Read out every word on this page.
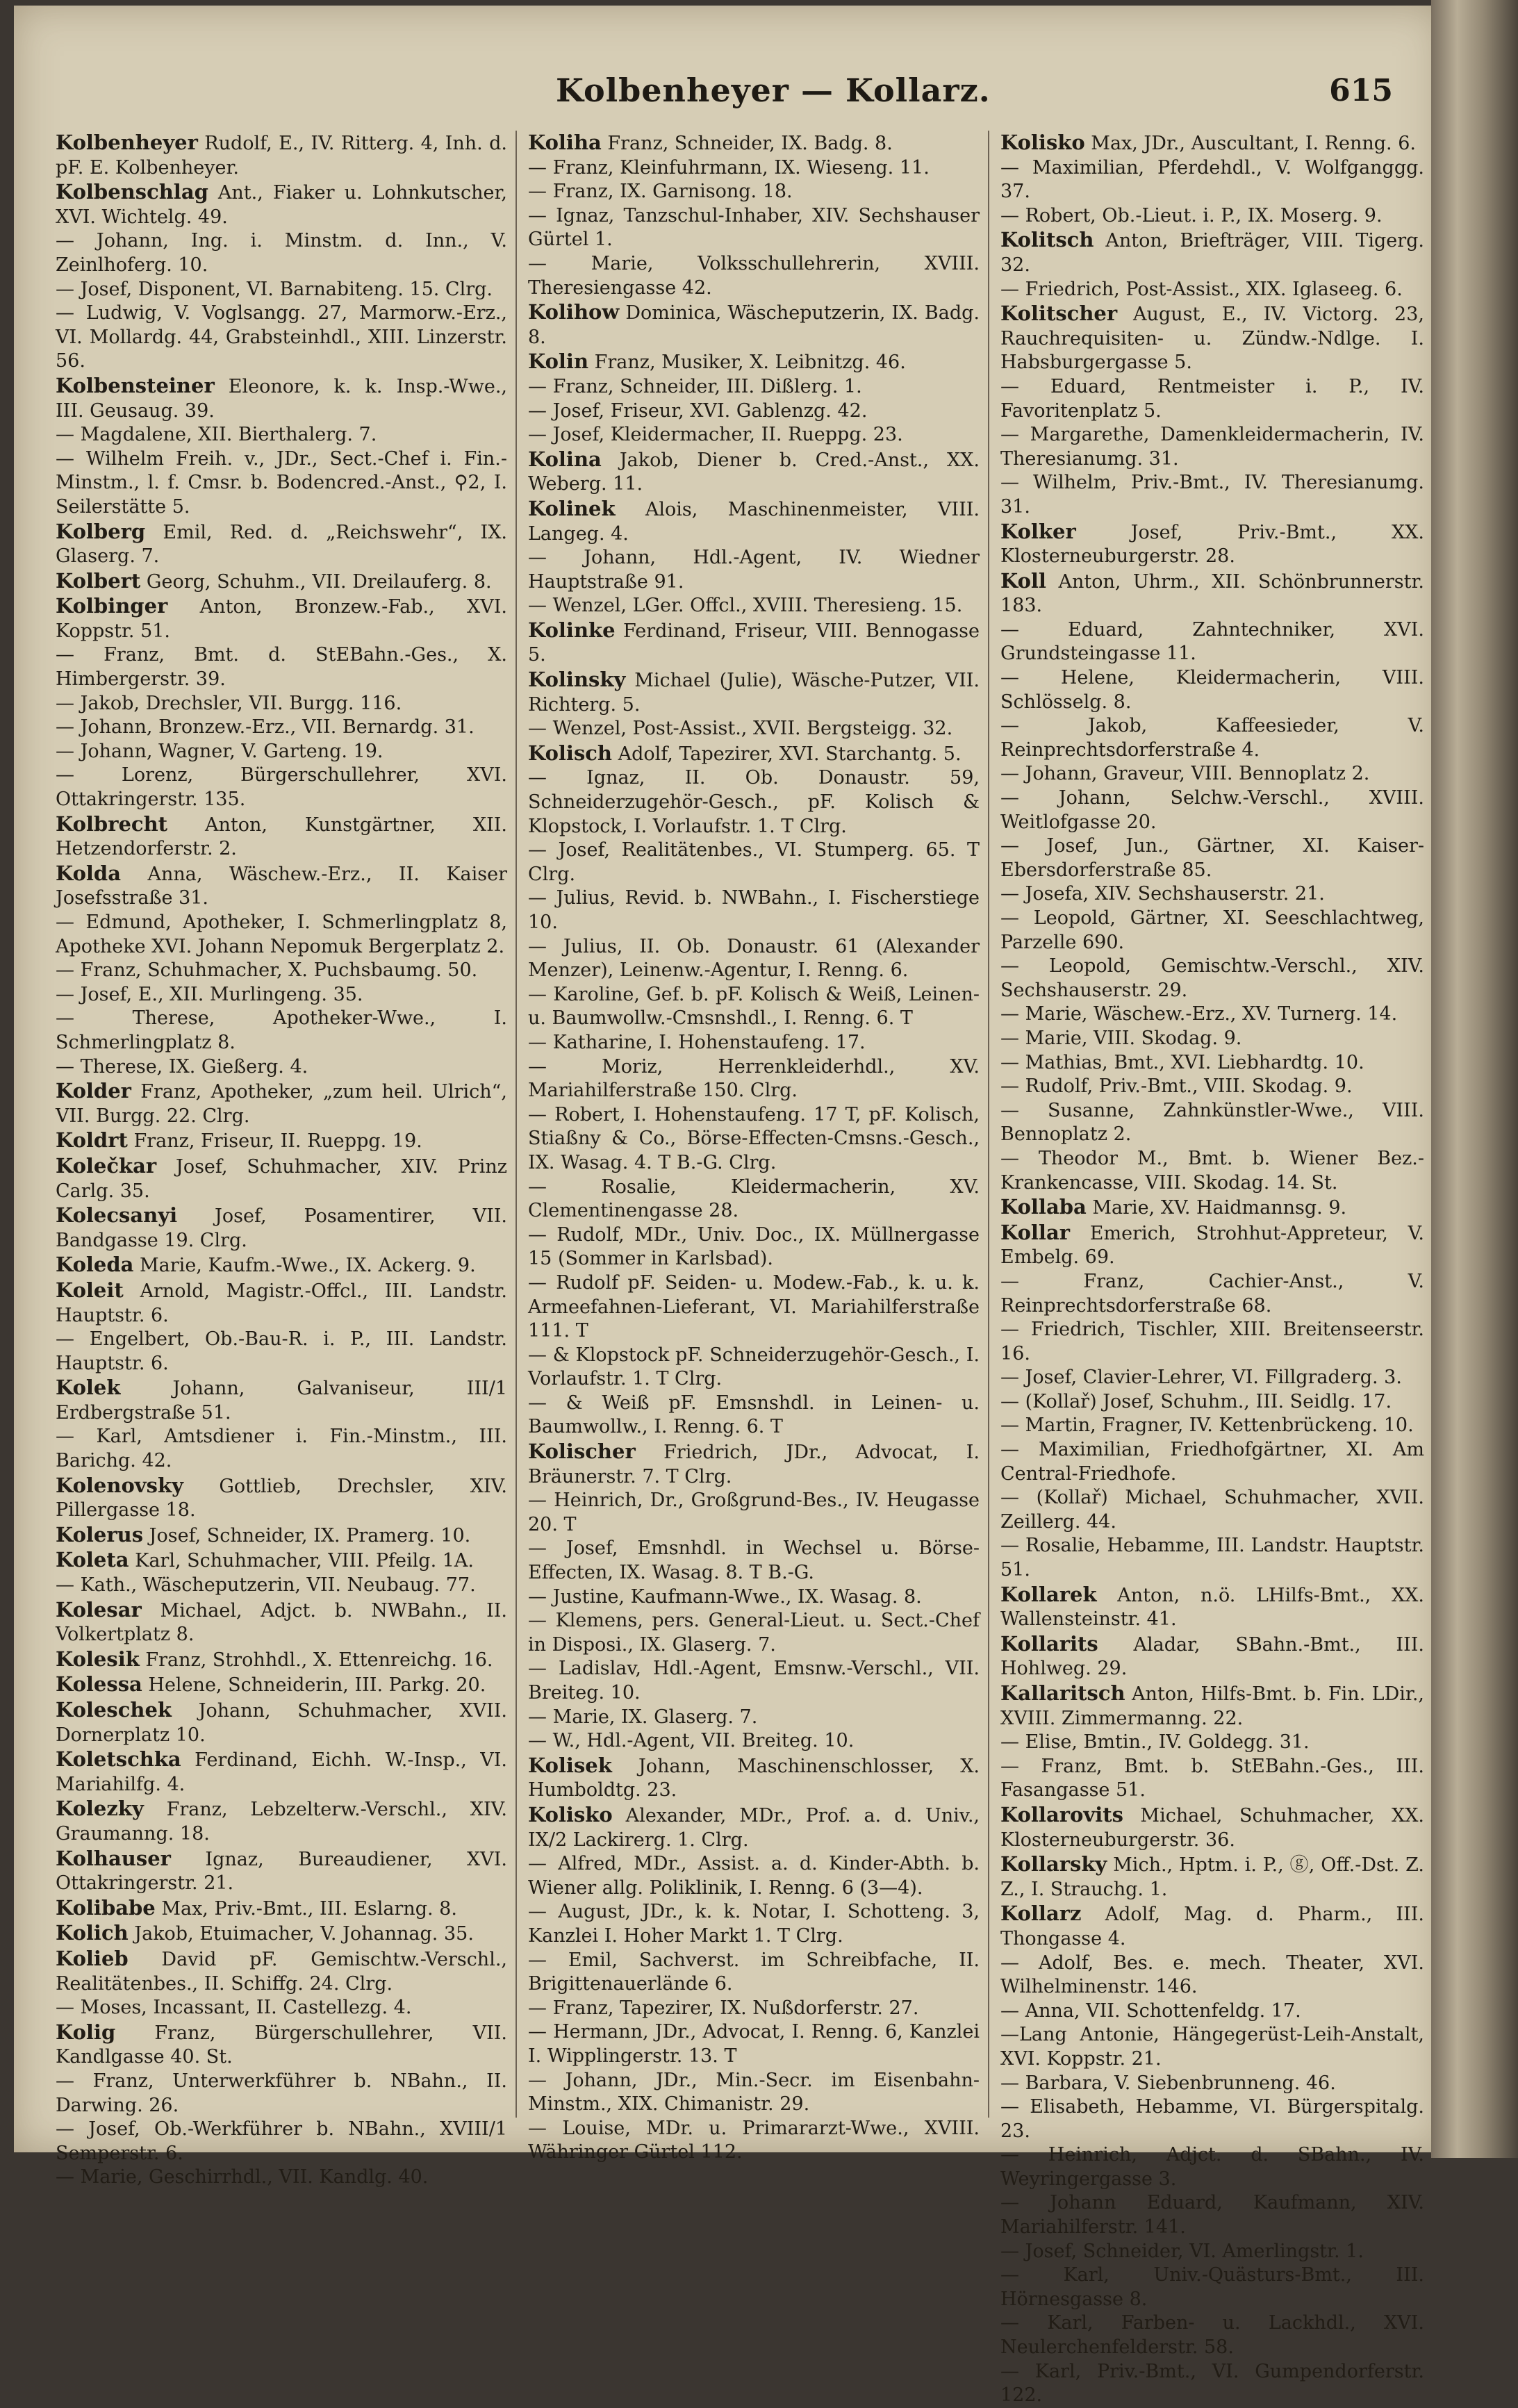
Kolbenheyer — Kollarz.	615

Kolbenheyer Rudolf, E., IV. Ritterg. 4, Inh. d. pF. E. Kolbenheyer.

Kolbenschlag Ant., Fiaker u. Lohnkutscher, XVI. Wichtelg. 49.

— Johann, Ing. i. Minstm. d. Inn., V. Zeinlhoferg. 10.

— Josef, Disponent, VI. Barnabiteng. 15. Clrg.

— Ludwig, V. Voglsangg. 27, Marmorw.-Erz., VI. Mollardg. 44, Grabsteinhdl., XIII. Linzerstr. 56.

Kolbensteiner Eleonore, k. k. Insp.-Wwe., III. Geusaug. 39.

— Magdalene, XII. Bierthalerg. 7.

— Wilhelm Freih. v., JDr., Sect.-Chef i. Fin.-Minstm., l. f. Cmsr. b. Bodencred.-Anst., ⚲2, I. Seilerstätte 5.

Kolberg Emil, Red. d. „Reichswehr“, IX. Glaserg. 7.

Kolbert Georg, Schuhm., VII. Dreilauferg. 8.

Kolbinger Anton, Bronzew.-Fab., XVI. Koppstr. 51.

— Franz, Bmt. d. StEBahn.-Ges., X. Himbergerstr. 39.

— Jakob, Drechsler, VII. Burgg. 116.

— Johann, Bronzew.-Erz., VII. Bernardg. 31.

— Johann, Wagner, V. Garteng. 19.

— Lorenz, Bürgerschullehrer, XVI. Ottakringerstr. 135.

Kolbrecht Anton, Kunstgärtner, XII. Hetzendorferstr. 2.

Kolda Anna, Wäschew.-Erz., II. Kaiser Josefsstraße 31.

— Edmund, Apotheker, I. Schmerlingplatz 8, Apotheke XVI. Johann Nepomuk Bergerplatz 2.

— Franz, Schuhmacher, X. Puchsbaumg. 50.

— Josef, E., XII. Murlingeng. 35.

— Therese, Apotheker-Wwe., I. Schmerlingplatz 8.

— Therese, IX. Gießerg. 4.

Kolder Franz, Apotheker, „zum heil. Ulrich“, VII. Burgg. 22. Clrg.

Koldrt Franz, Friseur, II. Rueppg. 19.

Kolečkar Josef, Schuhmacher, XIV. Prinz Carlg. 35.

Kolecsanyi Josef, Posamentirer, VII. Bandgasse 19. Clrg.

Koleda Marie, Kaufm.-Wwe., IX. Ackerg. 9.

Koleit Arnold, Magistr.-Offcl., III. Landstr. Hauptstr. 6.

— Engelbert, Ob.-Bau-R. i. P., III. Landstr. Hauptstr. 6.

Kolek Johann, Galvaniseur, III/1 Erdbergstraße 51.

— Karl, Amtsdiener i. Fin.-Minstm., III. Barichg. 42.

Kolenovsky Gottlieb, Drechsler, XIV. Pillergasse 18.

Kolerus Josef, Schneider, IX. Pramerg. 10.

Koleta Karl, Schuhmacher, VIII. Pfeilg. 1A.

— Kath., Wäscheputzerin, VII. Neubaug. 77.

Kolesar Michael, Adjct. b. NWBahn., II. Volkertplatz 8.

Kolesik Franz, Strohhdl., X. Ettenreichg. 16.

Kolessa Helene, Schneiderin, III. Parkg. 20.

Koleschek Johann, Schuhmacher, XVII. Dornerplatz 10.

Koletschka Ferdinand, Eichh. W.-Insp., VI. Mariahilfg. 4.

Kolezky Franz, Lebzelterw.-Verschl., XIV. Graumanng. 18.

Kolhauser Ignaz, Bureaudiener, XVI. Ottakringerstr. 21.

Kolibabe Max, Priv.-Bmt., III. Eslarng. 8.

Kolich Jakob, Etuimacher, V. Johannag. 35.

Kolieb David pF. Gemischtw.-Verschl., Realitätenbes., II. Schiffg. 24. Clrg.

— Moses, Incassant, II. Castellezg. 4.

Kolig Franz, Bürgerschullehrer, VII. Kandlgasse 40. St.

— Franz, Unterwerkführer b. NBahn., II. Darwing. 26.

— Josef, Ob.-Werkführer b. NBahn., XVIII/1 Semperstr. 6.

— Marie, Geschirrhdl., VII. Kandlg. 40.

Koliha Franz, Schneider, IX. Badg. 8.

— Franz, Kleinfuhrmann, IX. Wieseng. 11.

— Franz, IX. Garnisong. 18.

— Ignaz, Tanzschul-Inhaber, XIV. Sechshauser Gürtel 1.

— Marie, Volksschullehrerin, XVIII. Theresiengasse 42.

Kolihow Dominica, Wäscheputzerin, IX. Badg. 8.

Kolin Franz, Musiker, X. Leibnitzg. 46.

— Franz, Schneider, III. Dißlerg. 1.

— Josef, Friseur, XVI. Gablenzg. 42.

— Josef, Kleidermacher, II. Rueppg. 23.

Kolina Jakob, Diener b. Cred.-Anst., XX. Weberg. 11.

Kolinek Alois, Maschinenmeister, VIII. Langeg. 4.

— Johann, Hdl.-Agent, IV. Wiedner Hauptstraße 91.

— Wenzel, LGer. Offcl., XVIII. Theresieng. 15.

Kolinke Ferdinand, Friseur, VIII. Bennogasse 5.

Kolinsky Michael (Julie), Wäsche-Putzer, VII. Richterg. 5.

— Wenzel, Post-Assist., XVII. Bergsteigg. 32.

Kolisch Adolf, Tapezirer, XVI. Starchantg. 5.

— Ignaz, II. Ob. Donaustr. 59, Schneiderzugehör-Gesch., pF. Kolisch & Klopstock, I. Vorlaufstr. 1. T Clrg.

— Josef, Realitätenbes., VI. Stumperg. 65. T Clrg.

— Julius, Revid. b. NWBahn., I. Fischerstiege 10.

— Julius, II. Ob. Donaustr. 61 (Alexander Menzer), Leinenw.-Agentur, I. Renng. 6.

— Karoline, Gef. b. pF. Kolisch & Weiß, Leinen- u. Baumwollw.-Cmsnshdl., I. Renng. 6. T

— Katharine, I. Hohenstaufeng. 17.

— Moriz, Herrenkleiderhdl., XV. Mariahilferstraße 150. Clrg.

— Robert, I. Hohenstaufeng. 17 T, pF. Kolisch, Stiaßny & Co., Börse-Effecten-Cmsns.-Gesch., IX. Wasag. 4. T B.-G. Clrg.

— Rosalie, Kleidermacherin, XV. Clementinengasse 28.

— Rudolf, MDr., Univ. Doc., IX. Müllnergasse 15 (Sommer in Karlsbad).

— Rudolf pF. Seiden- u. Modew.-Fab., k. u. k. Armeefahnen-Lieferant, VI. Mariahilferstraße 111. T

— & Klopstock pF. Schneiderzugehör-Gesch., I. Vorlaufstr. 1. T Clrg.

— & Weiß pF. Emsnshdl. in Leinen- u. Baumwollw., I. Renng. 6. T

Kolischer Friedrich, JDr., Advocat, I. Bräunerstr. 7. T Clrg.

— Heinrich, Dr., Großgrund-Bes., IV. Heugasse 20. T

— Josef, Emsnhdl. in Wechsel u. Börse-Effecten, IX. Wasag. 8. T B.-G.

— Justine, Kaufmann-Wwe., IX. Wasag. 8.

— Klemens, pers. General-Lieut. u. Sect.-Chef in Disposi., IX. Glaserg. 7.

— Ladislav, Hdl.-Agent, Emsnw.-Verschl., VII. Breiteg. 10.

— Marie, IX. Glaserg. 7.

— W., Hdl.-Agent, VII. Breiteg. 10.

Kolisek Johann, Maschinenschlosser, X. Humboldtg. 23.

Kolisko Alexander, MDr., Prof. a. d. Univ., IX/2 Lackirerg. 1. Clrg.

— Alfred, MDr., Assist. a. d. Kinder-Abth. b. Wiener allg. Poliklinik, I. Renng. 6 (3—4).

— August, JDr., k. k. Notar, I. Schotteng. 3, Kanzlei I. Hoher Markt 1. T Clrg.

— Emil, Sachverst. im Schreibfache, II. Brigittenauerlände 6.

— Franz, Tapezirer, IX. Nußdorferstr. 27.

— Hermann, JDr., Advocat, I. Renng. 6, Kanzlei I. Wipplingerstr. 13. T

— Johann, JDr., Min.-Secr. im Eisenbahn-Minstm., XIX. Chimanistr. 29.

— Louise, MDr. u. Primararzt-Wwe., XVIII. Währinger Gürtel 112.

Kolisko Max, JDr., Auscultant, I. Renng. 6.

— Maximilian, Pferdehdl., V. Wolfganggg. 37.

— Robert, Ob.-Lieut. i. P., IX. Moserg. 9.

Kolitsch Anton, Briefträger, VIII. Tigerg. 32.

— Friedrich, Post-Assist., XIX. Iglaseeg. 6.

Kolitscher August, E., IV. Victorg. 23, Rauchrequisiten- u. Zündw.-Ndlge. I. Habsburgergasse 5.

— Eduard, Rentmeister i. P., IV. Favoritenplatz 5.

— Margarethe, Damenkleidermacherin, IV. Theresianumg. 31.

— Wilhelm, Priv.-Bmt., IV. Theresianumg. 31.

Kolker Josef, Priv.-Bmt., XX. Klosterneuburgerstr. 28.

Koll Anton, Uhrm., XII. Schönbrunnerstr. 183.

— Eduard, Zahntechniker, XVI. Grundsteingasse 11.

— Helene, Kleidermacherin, VIII. Schlösselg. 8.

— Jakob, Kaffeesieder, V. Reinprechtsdorferstraße 4.

— Johann, Graveur, VIII. Bennoplatz 2.

— Johann, Selchw.-Verschl., XVIII. Weitlofgasse 20.

— Josef, Jun., Gärtner, XI. Kaiser-Ebersdorferstraße 85.

— Josefa, XIV. Sechshauserstr. 21.

— Leopold, Gärtner, XI. Seeschlachtweg, Parzelle 690.

— Leopold, Gemischtw.-Verschl., XIV. Sechshauserstr. 29.

— Marie, Wäschew.-Erz., XV. Turnerg. 14.

— Marie, VIII. Skodag. 9.

— Mathias, Bmt., XVI. Liebhardtg. 10.

— Rudolf, Priv.-Bmt., VIII. Skodag. 9.

— Susanne, Zahnkünstler-Wwe., VIII. Bennoplatz 2.

— Theodor M., Bmt. b. Wiener Bez.-Krankencasse, VIII. Skodag. 14. St.

Kollaba Marie, XV. Haidmannsg. 9.

Kollar Emerich, Strohhut-Appreteur, V. Embelg. 69.

— Franz, Cachier-Anst., V. Reinprechtsdorferstraße 68.

— Friedrich, Tischler, XIII. Breitenseerstr. 16.

— Josef, Clavier-Lehrer, VI. Fillgraderg. 3.

— (Kollař) Josef, Schuhm., III. Seidlg. 17.

— Martin, Fragner, IV. Kettenbrückeng. 10.

— Maximilian, Friedhofgärtner, XI. Am Central-Friedhofe.

— (Kollař) Michael, Schuhmacher, XVII. Zeillerg. 44.

— Rosalie, Hebamme, III. Landstr. Hauptstr. 51.

Kollarek Anton, n.ö. LHilfs-Bmt., XX. Wallensteinstr. 41.

Kollarits Aladar, SBahn.-Bmt., III. Hohlweg. 29.

Kallaritsch Anton, Hilfs-Bmt. b. Fin. LDir., XVIII. Zimmermanng. 22.

— Elise, Bmtin., IV. Goldegg. 31.

— Franz, Bmt. b. StEBahn.-Ges., III. Fasangasse 51.

Kollarovits Michael, Schuhmacher, XX. Klosterneuburgerstr. 36.

Kollarsky Mich., Hptm. i. P., ⓖ, Off.-Dst. Z. Z., I. Strauchg. 1.

Kollarz Adolf, Mag. d. Pharm., III. Thongasse 4.

— Adolf, Bes. e. mech. Theater, XVI. Wilhelminenstr. 146.

— Anna, VII. Schottenfeldg. 17.

—Lang Antonie, Hängegerüst-Leih-Anstalt, XVI. Koppstr. 21.

— Barbara, V. Siebenbrunneng. 46.

— Elisabeth, Hebamme, VI. Bürgerspitalg. 23.

— Heinrich, Adjct. d. SBahn., IV. Weyringergasse 3.

— Johann Eduard, Kaufmann, XIV. Mariahilferstr. 141.

— Josef, Schneider, VI. Amerlingstr. 1.

— Karl, Univ.-Quästurs-Bmt., III. Hörnesgasse 8.

— Karl, Farben- u. Lackhdl., XVI. Neulerchenfelderstr. 58.

— Karl, Priv.-Bmt., VI. Gumpendorferstr. 122.
